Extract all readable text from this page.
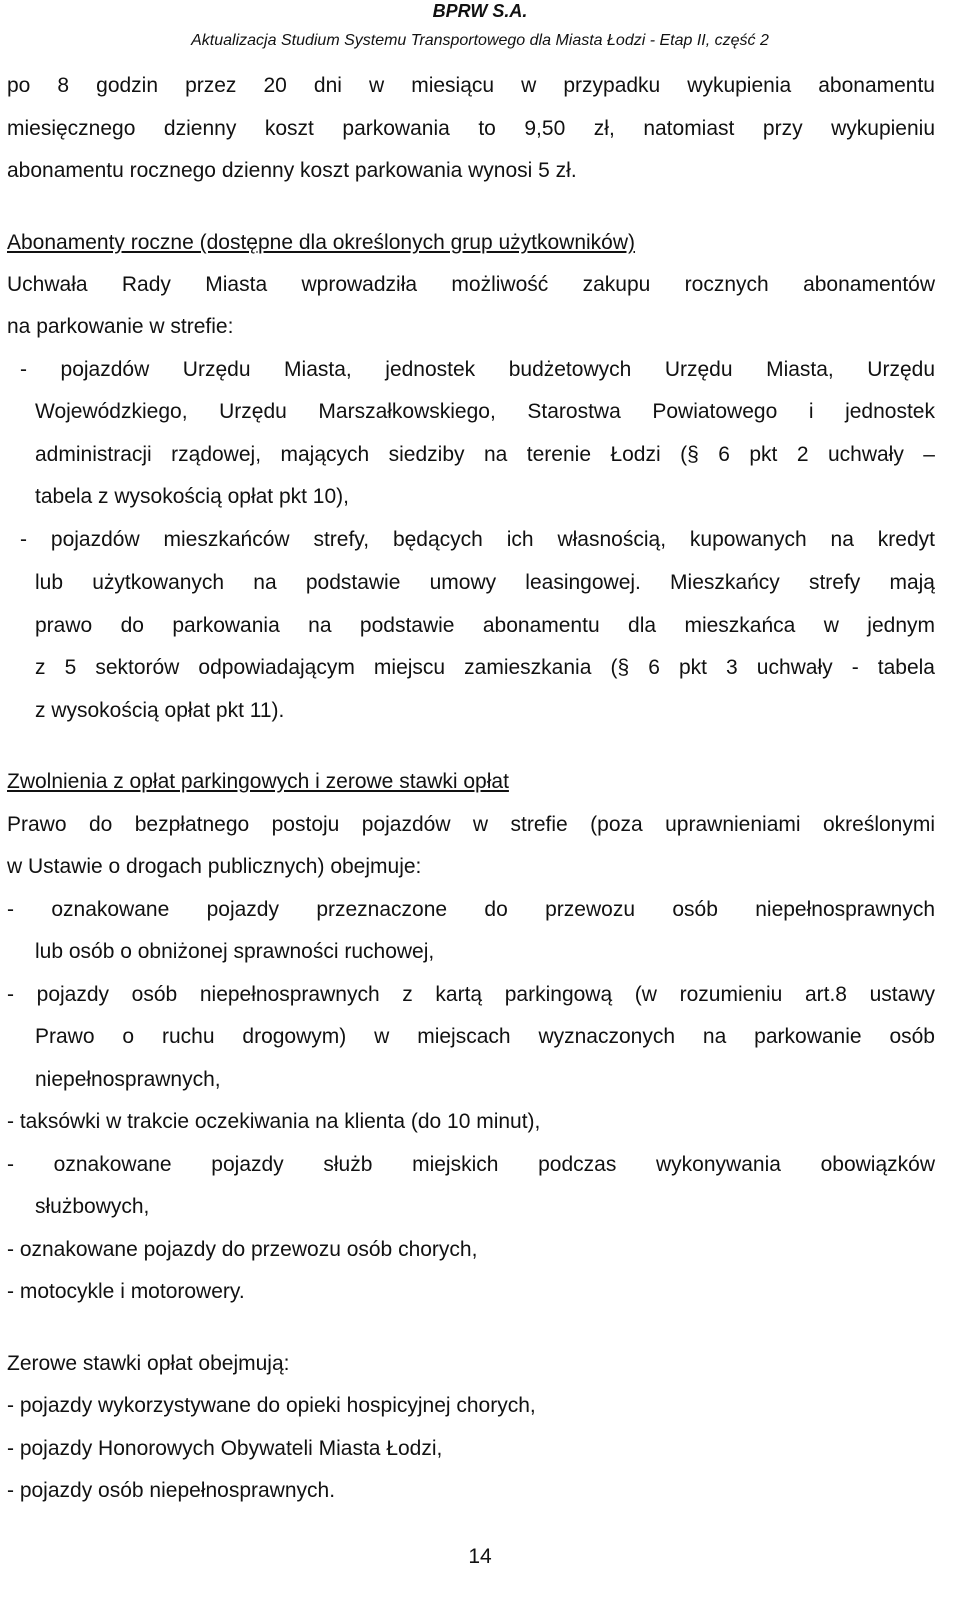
BPRW S.A.
Aktualizacja Studium Systemu Transportowego dla Miasta Łodzi - Etap II, część 2
po 8 godzin przez 20 dni w miesiącu w przypadku wykupienia abonamentu
miesięcznego dzienny koszt parkowania to 9,50 zł, natomiast przy wykupieniu
abonamentu rocznego dzienny koszt parkowania wynosi 5 zł.
Abonamenty roczne (dostępne dla określonych grup użytkowników)
Uchwała Rady Miasta wprowadziła możliwość zakupu rocznych abonamentów
na parkowanie w strefie:
- pojazdów Urzędu Miasta, jednostek budżetowych Urzędu Miasta, Urzędu
Wojewódzkiego, Urzędu Marszałkowskiego, Starostwa Powiatowego i jednostek
administracji rządowej, mających siedziby na terenie Łodzi (§ 6 pkt 2 uchwały –
tabela z wysokością opłat pkt 10),
- pojazdów mieszkańców strefy, będących ich własnością, kupowanych na kredyt
lub użytkowanych na podstawie umowy leasingowej. Mieszkańcy strefy mają
prawo do parkowania na podstawie abonamentu dla mieszkańca w jednym
z 5 sektorów odpowiadającym miejscu zamieszkania (§ 6 pkt 3 uchwały - tabela
z wysokością opłat pkt 11).
Zwolnienia z opłat parkingowych i zerowe stawki opłat
Prawo do bezpłatnego postoju pojazdów w strefie (poza uprawnieniami określonymi
w Ustawie o drogach publicznych) obejmuje:
- oznakowane pojazdy przeznaczone do przewozu osób niepełnosprawnych
lub osób o obniżonej sprawności ruchowej,
- pojazdy osób niepełnosprawnych z kartą parkingową (w rozumieniu art.8 ustawy
Prawo o ruchu drogowym) w miejscach wyznaczonych na parkowanie osób
niepełnosprawnych,
- taksówki w trakcie oczekiwania na klienta (do 10 minut),
- oznakowane pojazdy służb miejskich podczas wykonywania obowiązków
służbowych,
- oznakowane pojazdy do przewozu osób chorych,
- motocykle i motorowery.
Zerowe stawki opłat obejmują:
- pojazdy wykorzystywane do opieki hospicyjnej chorych,
- pojazdy Honorowych Obywateli Miasta Łodzi,
- pojazdy osób niepełnosprawnych.
14
